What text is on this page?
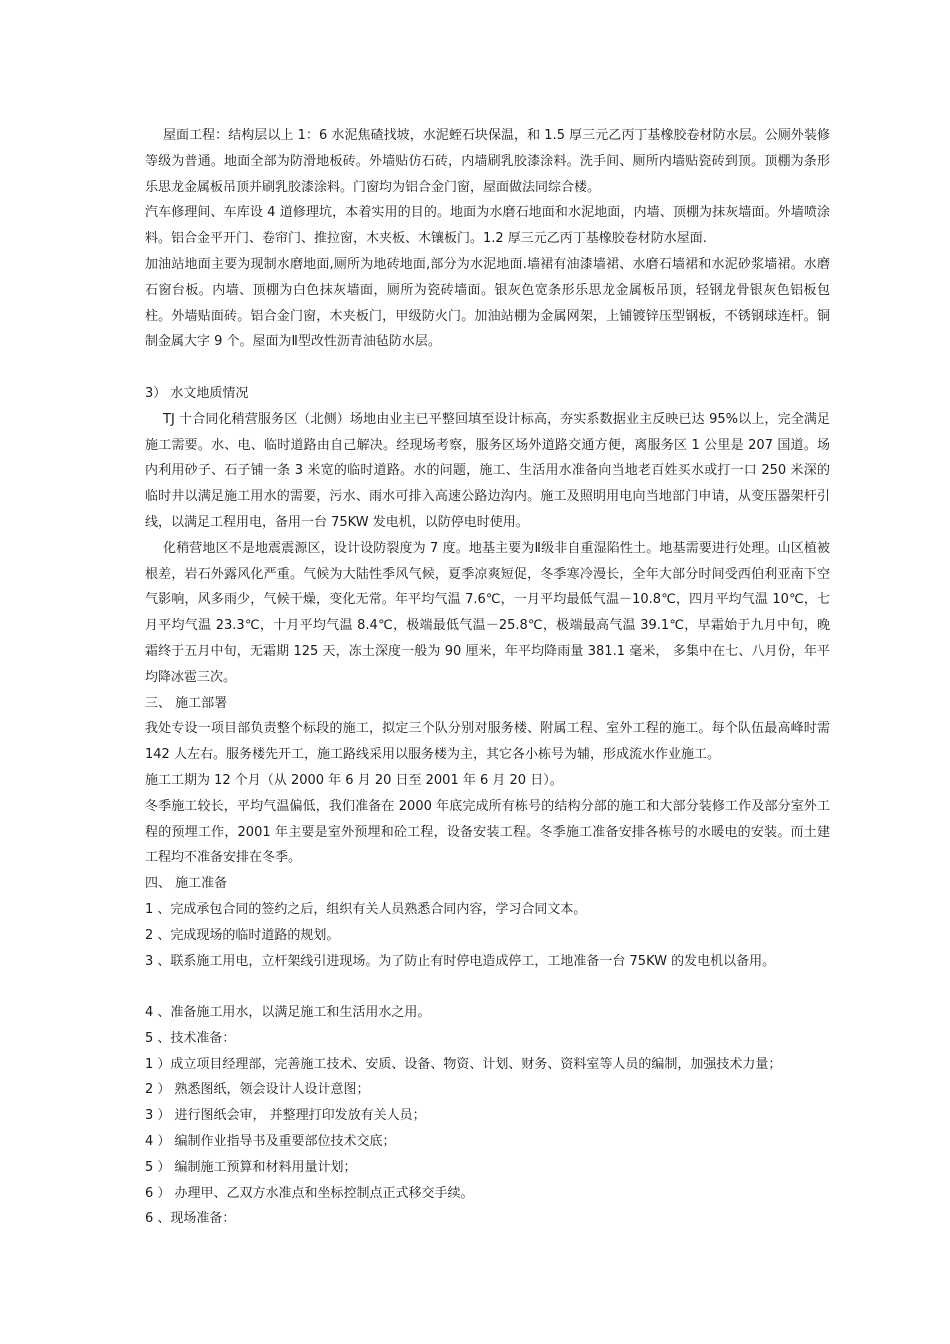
屋面工程：结构层以上 1：6 水泥焦碴找坡，水泥蛭石块保温，和 1.5 厚三元乙丙丁基橡胶卷材防水层。公厕外装修等级为普通。地面全部为防滑地板砖。外墙贴仿石砖，内墙刷乳胶漆涂料。洗手间、厕所内墙贴瓷砖到顶。顶棚为条形乐思龙金属板吊顶并刷乳胶漆涂料。门窗均为铝合金门窗，屋面做法同综合楼。

汽车修理间、车库设 4 道修理坑，本着实用的目的。地面为水磨石地面和水泥地面，内墙、顶棚为抹灰墙面。外墙喷涂料。铝合金平开门、卷帘门、推拉窗，木夹板、木镶板门。1.2 厚三元乙丙丁基橡胶卷材防水屋面.

加油站地面主要为现制水磨地面,厕所为地砖地面,部分为水泥地面.墙裙有油漆墙裙、水磨石墙裙和水泥砂浆墙裙。水磨石窗台板。内墙、顶棚为白色抹灰墙面，厕所为瓷砖墙面。银灰色宽条形乐思龙金属板吊顶，轻钢龙骨银灰色铝板包柱。外墙贴面砖。铝合金门窗，木夹板门，甲级防火门。加油站棚为金属网架，上铺镀锌压型钢板，不锈钢球连杆。铜制金属大字 9 个。屋面为Ⅱ型改性沥青油毡防水层。

3） 水文地质情况

TJ 十合同化稍营服务区（北侧）场地由业主已平整回填至设计标高，夯实系数据业主反映已达 95%以上，完全满足施工需要。水、电、临时道路由自己解决。经现场考察，服务区场外道路交通方便，离服务区 1 公里是 207 国道。场内利用砂子、石子铺一条 3 米宽的临时道路。水的问题，施工、生活用水准备向当地老百姓买水或打一口 250 米深的临时井以满足施工用水的需要，污水、雨水可排入高速公路边沟内。施工及照明用电向当地部门申请，从变压器架杆引线，以满足工程用电，备用一台 75KW 发电机，以防停电时使用。

化稍营地区不是地震震源区，设计设防裂度为 7 度。地基主要为Ⅱ级非自重湿陷性土。地基需要进行处理。山区植被根差，岩石外露风化严重。气候为大陆性季风气候，夏季凉爽短促，冬季寒冷漫长，全年大部分时间受西伯利亚南下空气影响，风多雨少，气候干燥，变化无常。年平均气温 7.6℃，一月平均最低气温－10.8℃，四月平均气温 10℃，七月平均气温 23.3℃，十月平均气温 8.4℃，极端最低气温－25.8℃，极端最高气温 39.1℃，早霜始于九月中旬，晚霜终于五月中旬，无霜期 125 天，冻土深度一般为 90 厘米，年平均降雨量 381.1 毫米， 多集中在七、八月份，年平均降冰雹三次。

三、 施工部署

我处专设一项目部负责整个标段的施工，拟定三个队分别对服务楼、附属工程、室外工程的施工。每个队伍最高峰时需 142 人左右。服务楼先开工，施工路线采用以服务楼为主，其它各小栋号为辅，形成流水作业施工。

施工工期为 12 个月（从 2000 年 6 月 20 日至 2001 年 6 月 20 日）。

冬季施工较长，平均气温偏低，我们准备在 2000 年底完成所有栋号的结构分部的施工和大部分装修工作及部分室外工程的预埋工作，2001 年主要是室外预埋和砼工程，设备安装工程。冬季施工准备安排各栋号的水暖电的安装。而土建工程均不准备安排在冬季。

四、 施工准备

1 、完成承包合同的签约之后，组织有关人员熟悉合同内容，学习合同文本。

2 、完成现场的临时道路的规划。

3 、联系施工用电，立杆架线引进现场。为了防止有时停电造成停工，工地准备一台 75KW 的发电机以备用。

4 、准备施工用水，以满足施工和生活用水之用。

5 、技术准备：

1 ）成立项目经理部，完善施工技术、安质、设备、物资、计划、财务、资料室等人员的编制，加强技术力量；

2 ） 熟悉图纸，领会设计人设计意图；

3 ） 进行图纸会审， 并整理打印发放有关人员；

4 ） 编制作业指导书及重要部位技术交底；

5 ） 编制施工预算和材料用量计划；

6 ） 办理甲、乙双方水准点和坐标控制点正式移交手续。

6 、现场准备：
